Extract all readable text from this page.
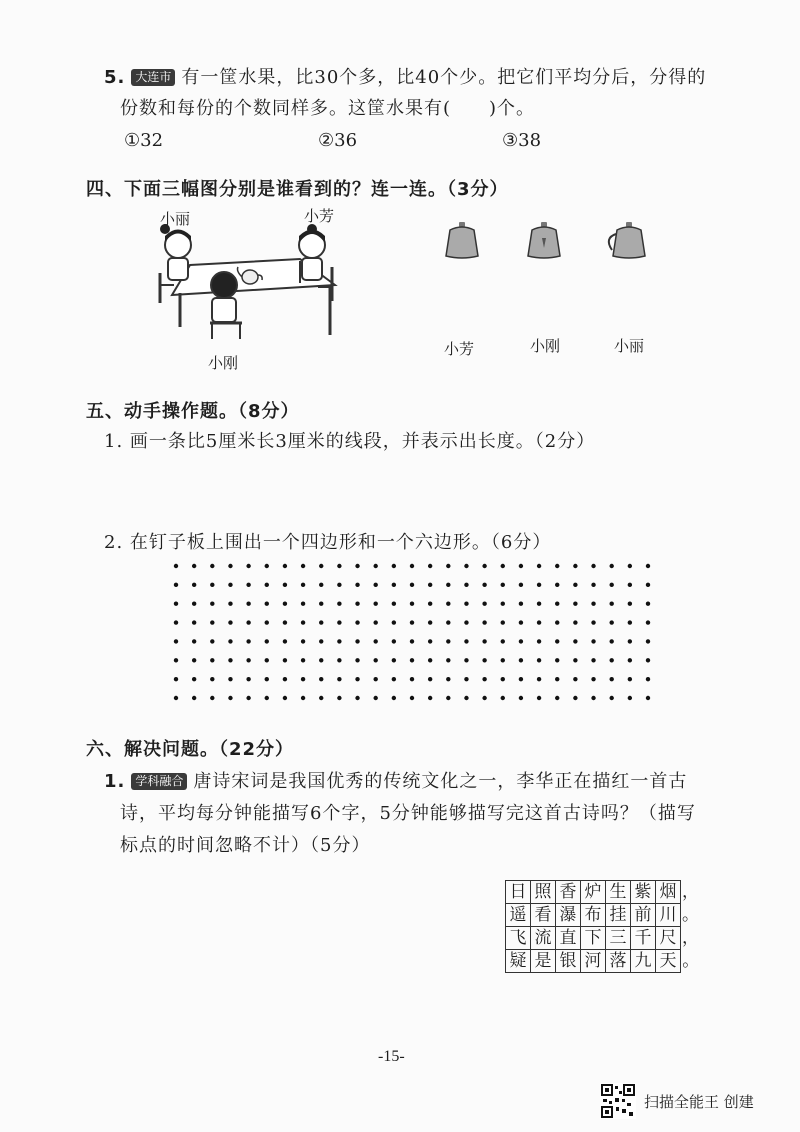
5. 大连市 有一筐水果，比30个多，比40个少。把它们平均分后，分得的
份数和每份的个数同样多。这筐水果有(　　)个。
①32	②36	③38
四、下面三幅图分别是谁看到的？连一连。（3分）
小丽	小芳
小刚
小芳	小刚	小丽
五、动手操作题。（8分）
1. 画一条比5厘米长3厘米的线段，并表示出长度。（2分）
2. 在钉子板上围出一个四边形和一个六边形。（6分）
六、解决问题。（22分）
1. 学科融合 唐诗宋词是我国优秀的传统文化之一，李华正在描红一首古
诗，平均每分钟能描写6个字，5分钟能够描写完这首古诗吗？（描写
标点的时间忽略不计）（5分）
日	照	香	炉	生	紫	烟	，
遥	看	瀑	布	挂	前	川	。
飞	流	直	下	三	千	尺	，
疑	是	银	河	落	九	天	。
-15-
扫描全能王 创建
